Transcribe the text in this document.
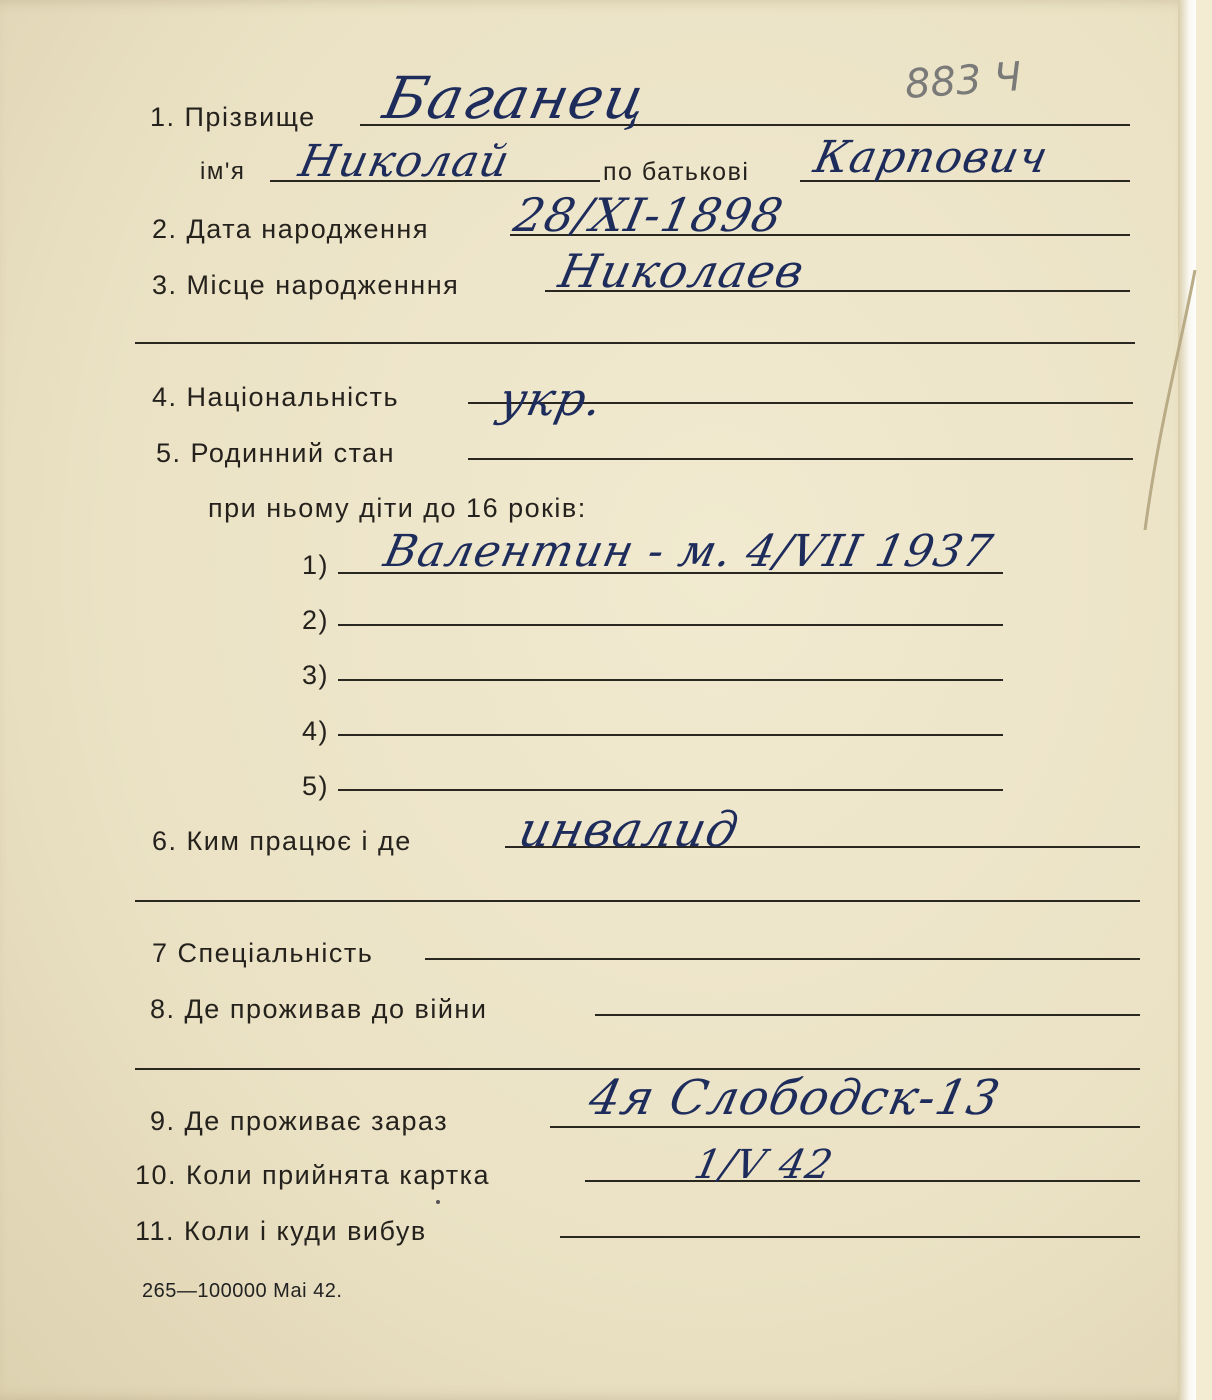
1. Прізвище Баганец	883 Ч
ім'я Николай	по батькові Карпович
2. Дата народження 28/XI-1898
3. Місце народженння Николаев
4. Національність укр.
5. Родинний стан
при ньому діти до 16 років:
1) Валентин - м. 4/VII 1937
2)
3)
4)
5)
6. Ким працює і де инвалид
7 Спеціальність
8. Де проживав до війни
9. Де проживає зараз	4я Слободск-13
10. Коли прийнята картка	1/V 42
11. Коли і куди вибув
265—100000 Маі 42.
